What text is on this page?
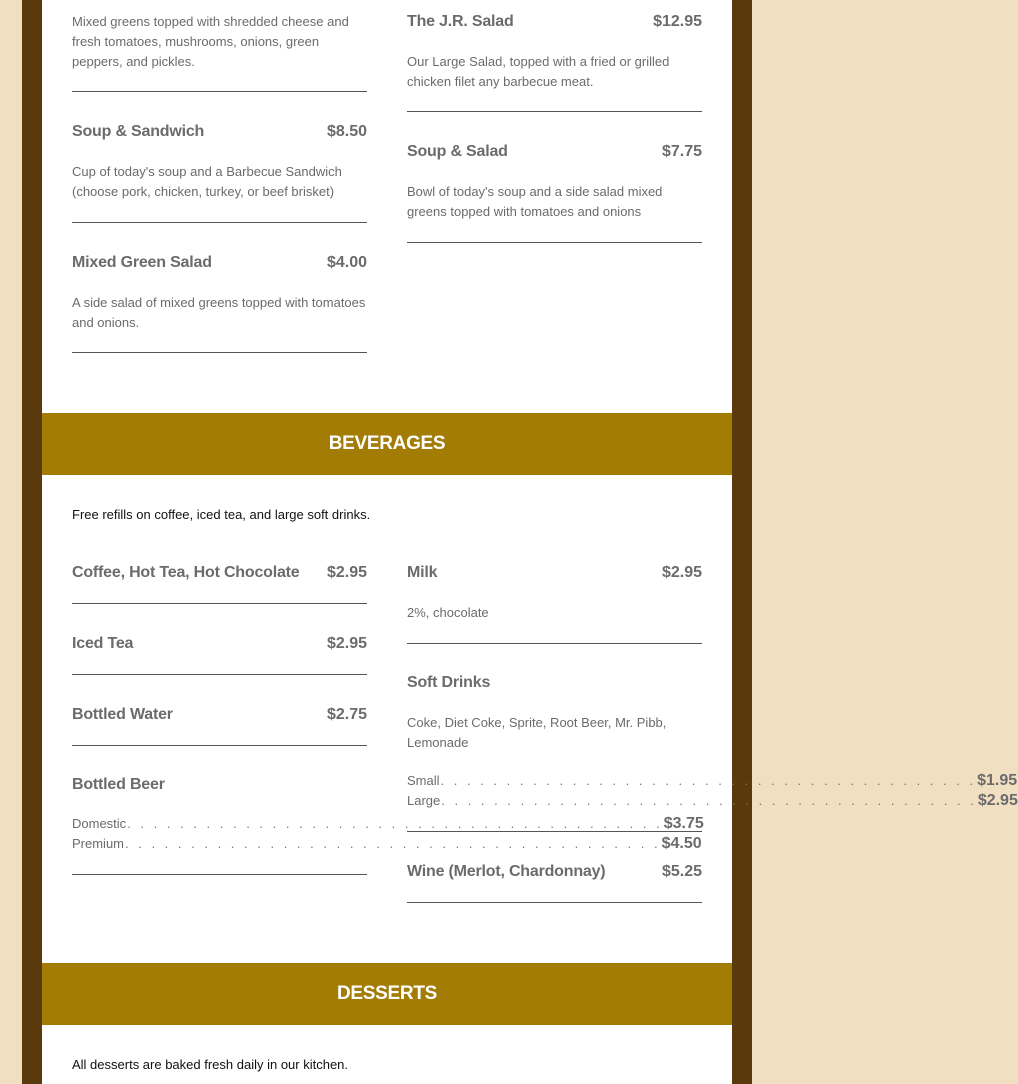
Mixed greens topped with shredded cheese and fresh tomatoes, mushrooms, onions, green peppers, and pickles.
Soup & Sandwich	$8.50
Cup of today's soup and a Barbecue Sandwich (choose pork, chicken, turkey, or beef brisket)
Mixed Green Salad	$4.00
A side salad of mixed greens topped with tomatoes and onions.
The J.R. Salad	$12.95
Our Large Salad, topped with a fried or grilled chicken filet any barbecue meat.
Soup & Salad	$7.75
Bowl of today's soup and a side salad mixed greens topped with tomatoes and onions
BEVERAGES
Free refills on coffee, iced tea, and large soft drinks.
Coffee, Hot Tea, Hot Chocolate $2.95
Iced Tea	$2.95
Bottled Water	$2.75
Bottled Beer
Domestic . . . . . . . . . . . . . . . . . . . . . . . . . . . . . . . . . . . . . . . . . $3.75
Premium . . . . . . . . . . . . . . . . . . . . . . . . . . . . . . . . . . . . . . . . . $4.50
Milk	$2.95
2%, chocolate
Soft Drinks
Coke, Diet Coke, Sprite, Root Beer, Mr. Pibb, Lemonade
Small . . . . . . . . . . . . . . . . . . . . . . . . . . . . . . . . . . . . . . . . . $1.95
Large . . . . . . . . . . . . . . . . . . . . . . . . . . . . . . . . . . . . . . . . . $2.95
Wine (Merlot, Chardonnay)	$5.25
DESSERTS
All desserts are baked fresh daily in our kitchen.
